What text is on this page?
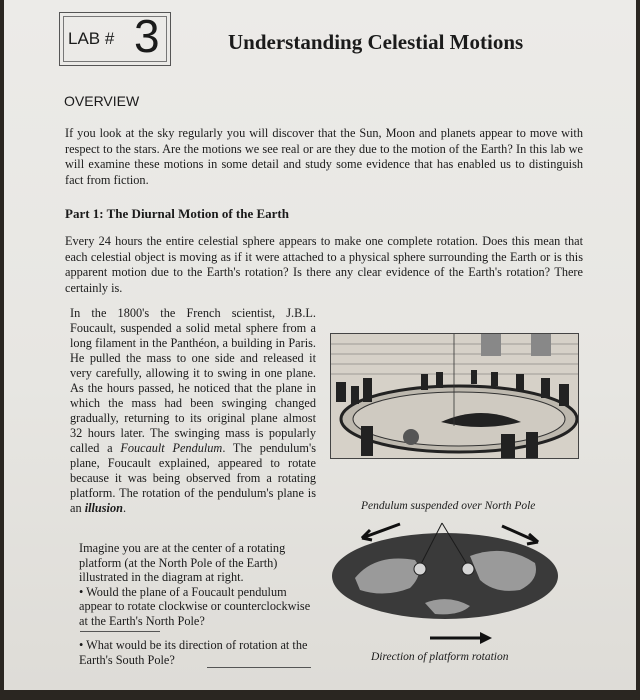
LAB # 3	Understanding Celestial Motions
OVERVIEW

If you look at the sky regularly you will discover that the Sun, Moon and planets appear to move with respect to the stars. Are the motions we see real or are they due to the motion of the Earth? In this lab we will examine these motions in some detail and study some evidence that has enabled us to distinguish fact from fiction.

Part 1: The Diurnal Motion of the Earth

Every 24 hours the entire celestial sphere appears to make one complete rotation. Does this mean that each celestial object is moving as if it were attached to a physical sphere surrounding the Earth or is this apparent motion due to the Earth's rotation? Is there any clear evidence of the Earth's rotation? There certainly is.

In the 1800's the French scientist, J.B.L. Foucault, suspended a solid metal sphere from a long filament in the Panthéon, a building in Paris. He pulled the mass to one side and released it very carefully, allowing it to swing in one plane. As the hours passed, he noticed that the plane in which the mass had been swinging changed gradually, returning to its original plane almost 32 hours later. The swinging mass is popularly called a Foucault Pendulum. The pendulum's plane, Foucault explained, appeared to rotate because it was being observed from a rotating platform. The rotation of the pendulum's plane is an illusion.	Pendulum suspended over North Pole

Imagine you are at the center of a rotating platform (at the North Pole of the Earth) illustrated in the diagram at right.
• Would the plane of a Foucault pendulum appear to rotate clockwise or counterclockwise at the Earth's North Pole?

• What would be its direction of rotation at the Earth's South Pole?	Direction of platform rotation
